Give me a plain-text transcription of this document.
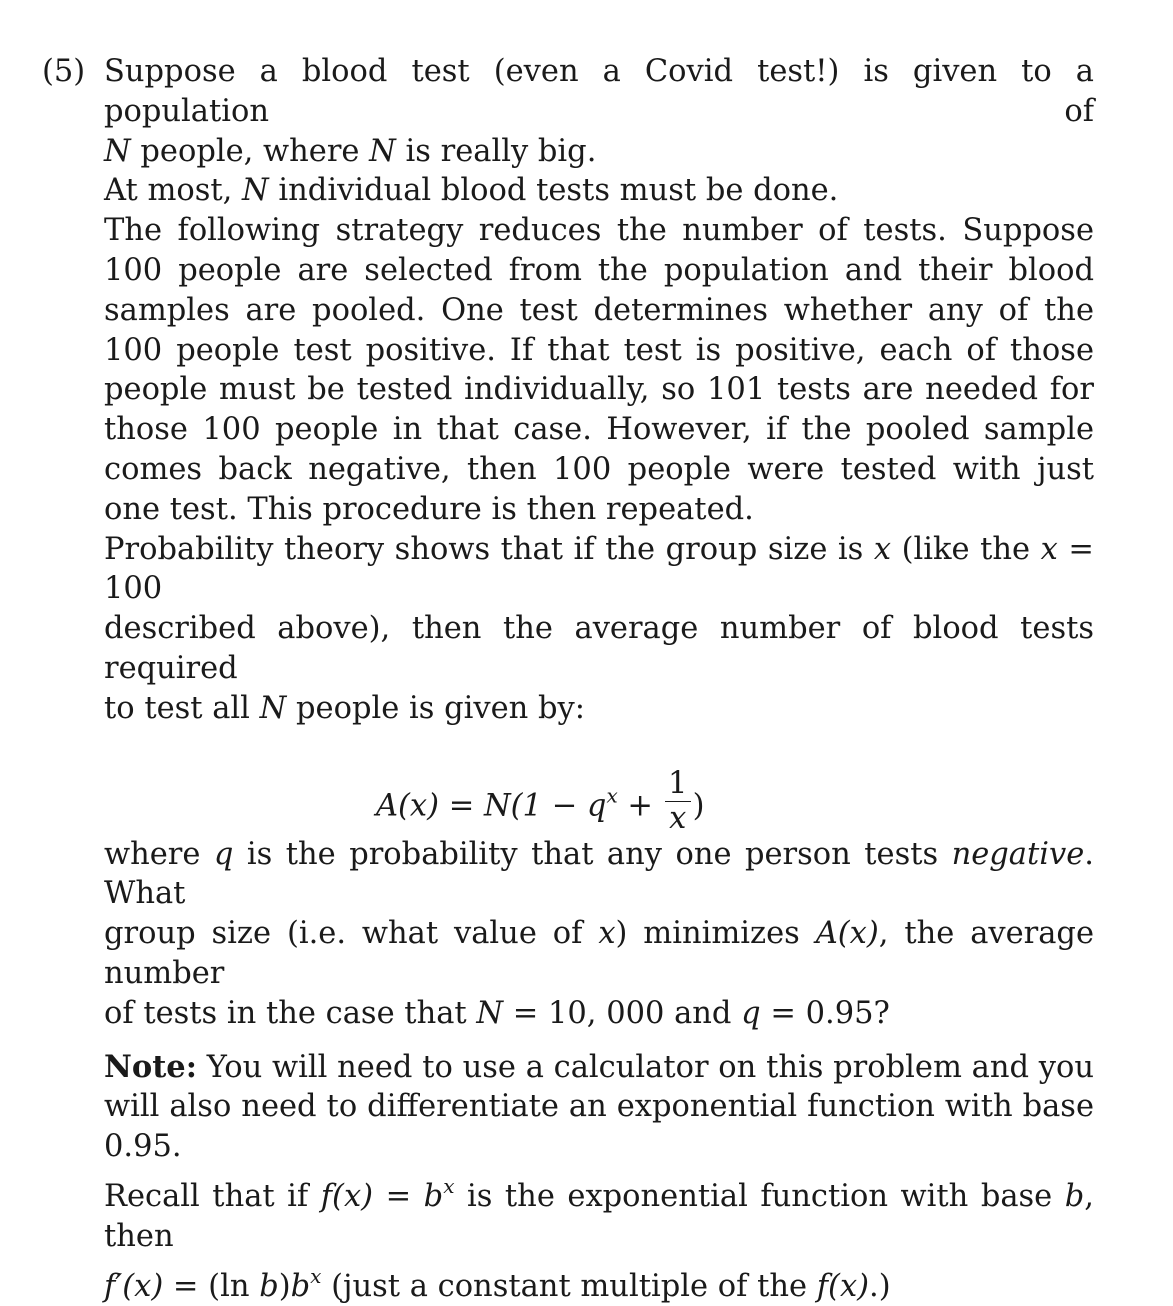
(5) Suppose a blood test (even a Covid test!) is given to a population of

N people, where N is really big.

At most, N individual blood tests must be done.

The following strategy reduces the number of tests. Suppose 100 people are selected from the population and their blood samples are pooled. One test determines whether any of the 100 people test positive. If that test is positive, each of those people must be tested individually, so 101 tests are needed for those 100 people in that case. However, if the pooled sample comes back negative, then 100 people were tested with just one test. This procedure is then repeated.

Probability theory shows that if the group size is x (like the x = 100

described above), then the average number of blood tests required

to test all N people is given by:

$A(x) = N(1 - q^x + \frac{1}{x}$ )

where q is the probability that any one person tests negative. What

group size (i.e. what value of x) minimizes A(x), the average number

of tests in the case that N = 10, 000 and q = 0.95?

Note: You will need to use a calculator on this problem and you

will also need to differentiate an exponential function with base 0.95.

Recall that if $f(x) = b^x$ is the exponential function with base b, then

f′(x) = (ln $b)b^x$ (just a constant multiple of the f(x).)
